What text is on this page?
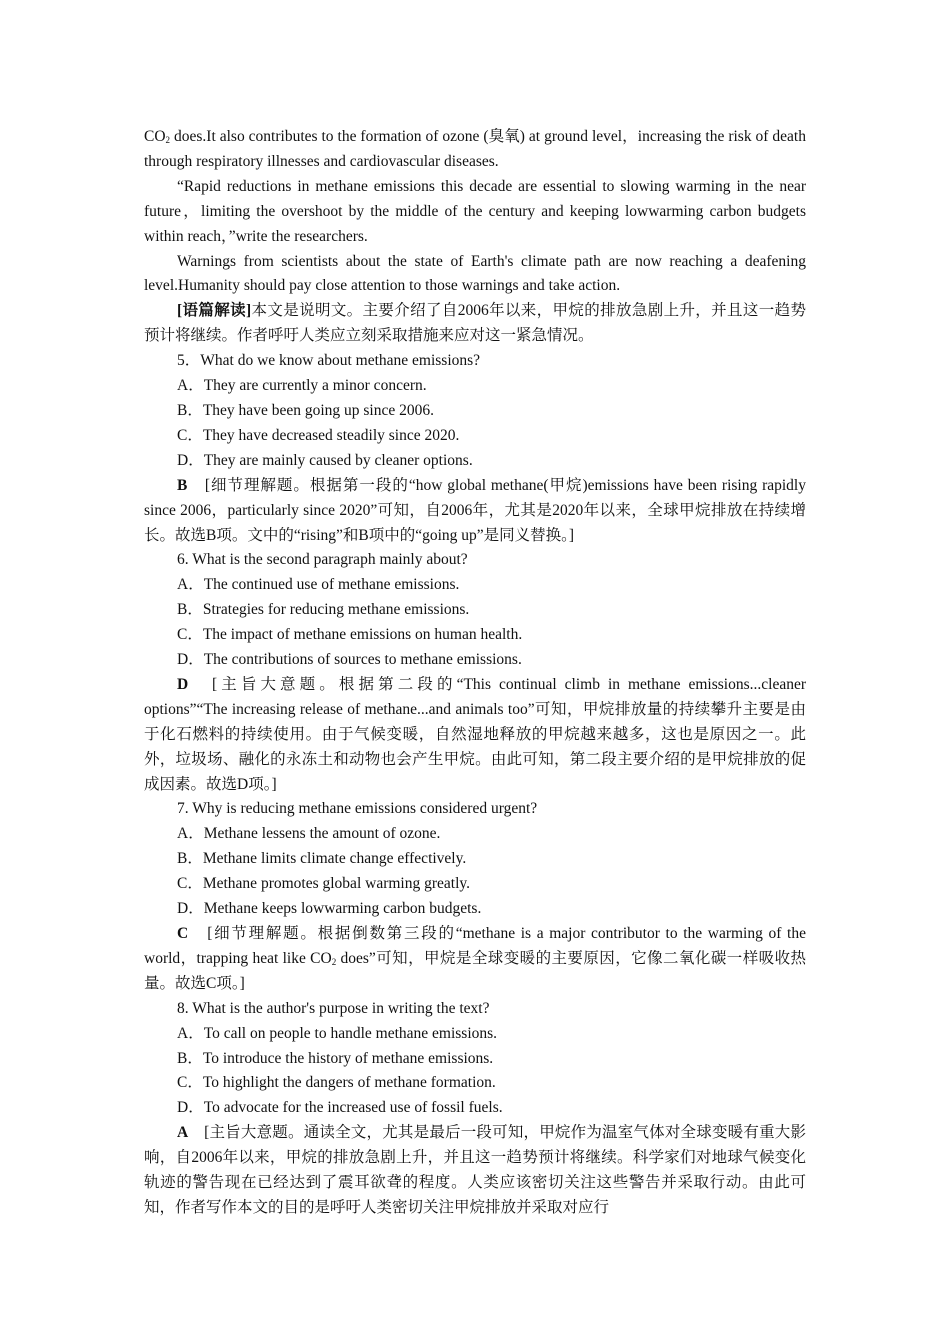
$CO_2$ does.It also contributes to the formation of ozone (臭氧) at ground level，increasing the risk of death through respiratory illnesses and cardiovascular diseases.

“Rapid reductions in methane emissions this decade are essential to slowing warming in the near future，limiting the overshoot by the middle of the century and keeping lowwarming carbon budgets within reach，”write the researchers.

Warnings from scientists about the state of Earth's climate path are now reaching a deafening level.Humanity should pay close attention to those warnings and take action.

[语篇解读]本文是说明文。主要介绍了自2006年以来，甲烷的排放急剧上升，并且这一趋势预计将继续。作者呼吁人类应立刻采取措施来应对这一紧急情况。

5．What do we know about methane emissions?

A．They are currently a minor concern.

B．They have been going up since 2006.

C．They have decreased steadily since 2020.

D．They are mainly caused by cleaner options.

B　 [细节理解题。根据第一段的“how global methane(甲烷)emissions have been rising rapidly since 2006，particularly since 2020”可知，自2006年，尤其是2020年以来，全球甲烷排放在持续增长。故选B项。文中的“rising”和B项中的“going up”是同义替换。]

6. What is the second paragraph mainly about?

A．The continued use of methane emissions.

B．Strategies for reducing methane emissions.

C．The impact of methane emissions on human health.

D．The contributions of sources to methane emissions.

D　 [主旨大意题。根据第二段的“This continual climb in methane emissions...cleaner options”“The increasing release of methane...and animals too”可知，甲烷排放量的持续攀升主要是由于化石燃料的持续使用。由于气候变暖，自然湿地释放的甲烷越来越多，这也是原因之一。此外，垃圾场、融化的永冻土和动物也会产生甲烷。由此可知，第二段主要介绍的是甲烷排放的促成因素。故选D项。]

7. Why is reducing methane emissions considered urgent?

A．Methane lessens the amount of ozone.

B．Methane limits climate change effectively.

C．Methane promotes global warming greatly.

D．Methane keeps lowwarming carbon budgets.

C　 [细节理解题。根据倒数第三段的“methane is a major contributor to the warming of the world，trapping heat like $CO_2$ does”可知，甲烷是全球变暖的主要原因，它像二氧化碳一样吸收热量。故选C项。]

8. What is the author's purpose in writing the text?

A．To call on people to handle methane emissions.

B．To introduce the history of methane emissions.

C．To highlight the dangers of methane formation.

D．To advocate for the increased use of fossil fuels.

A　 [主旨大意题。通读全文，尤其是最后一段可知，甲烷作为温室气体对全球变暖有重大影响，自2006年以来，甲烷的排放急剧上升，并且这一趋势预计将继续。科学家们对地球气候变化轨迹的警告现在已经达到了震耳欲聋的程度。人类应该密切关注这些警告并采取行动。由此可知，作者写作本文的目的是呼吁人类密切关注甲烷排放并采取对应行
